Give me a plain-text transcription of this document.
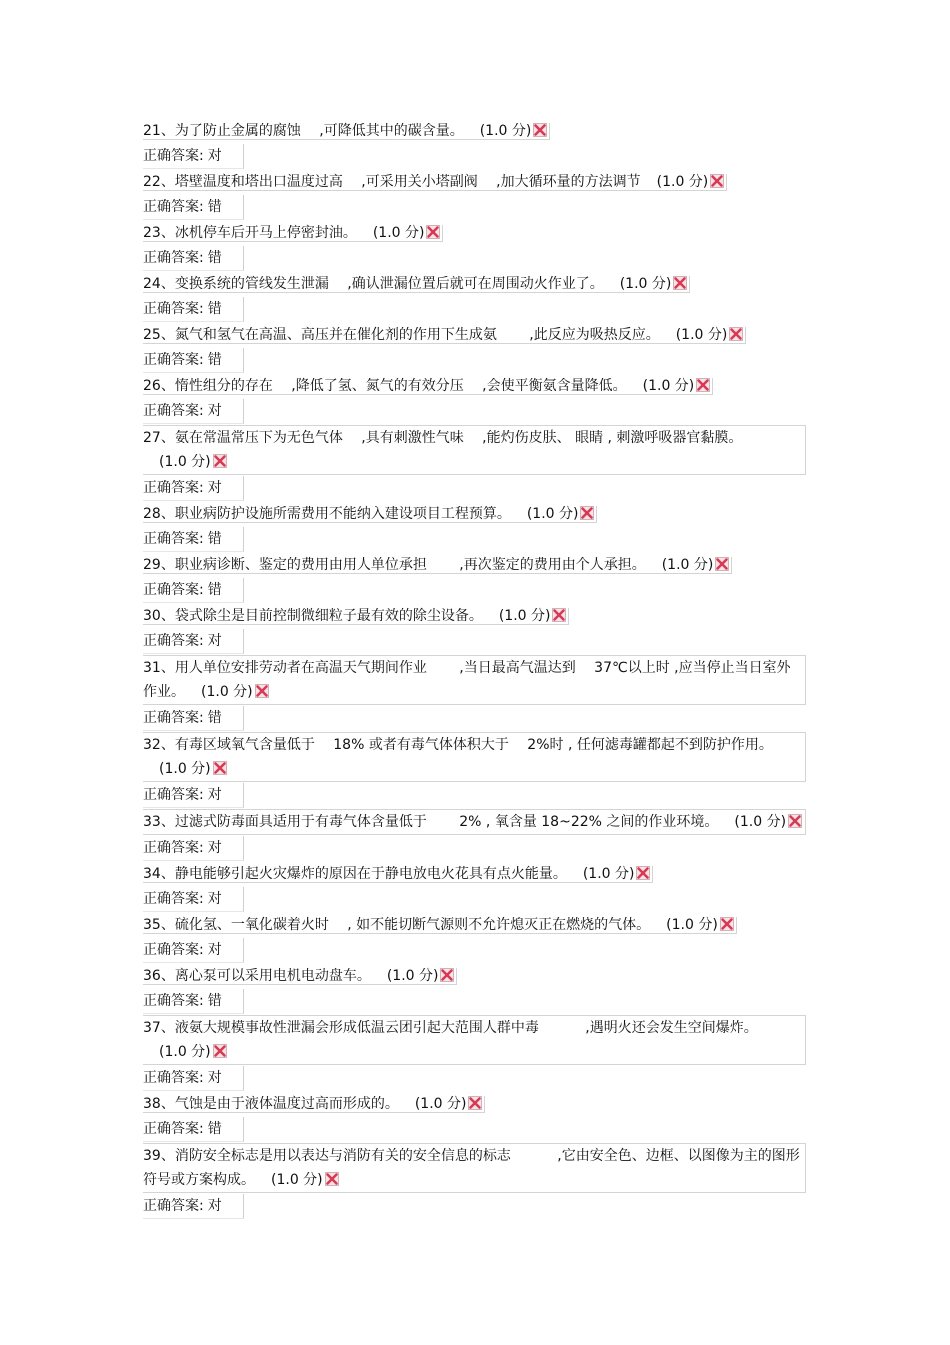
21、为了防止金属的腐蚀　 ,可降低其中的碳含量。 (1.0 分)
正确答案: 对
22、塔壁温度和塔出口温度过高　 ,可采用关小塔副阀　 ,加大循环量的方法调节 (1.0 分)
正确答案: 错
23、冰机停车后开马上停密封油。 (1.0 分)
正确答案: 错
24、变换系统的管线发生泄漏　 ,确认泄漏位置后就可在周围动火作业了。 (1.0 分)
正确答案: 错
25、氮气和氢气在高温、高压并在催化剂的作用下生成氨　　 ,此反应为吸热反应。 (1.0 分)
正确答案: 错
26、惰性组分的存在　 ,降低了氢、氮气的有效分压　 ,会使平衡氨含量降低。 (1.0 分)
正确答案: 对
27、氨在常温常压下为无色气体　 ,具有刺激性气味　 ,能灼伤皮肤、 眼睛 , 刺激呼吸器官黏膜。(1.0 分)
正确答案: 对
28、职业病防护设施所需费用不能纳入建设项目工程预算。 (1.0 分)
正确答案: 错
29、职业病诊断、鉴定的费用由用人单位承担　　 ,再次鉴定的费用由个人承担。 (1.0 分)
正确答案: 错
30、袋式除尘是目前控制微细粒子最有效的除尘设备。 (1.0 分)
正确答案: 对
31、用人单位安排劳动者在高温天气期间作业　　 ,当日最高气温达到　 37℃以上时 ,应当停止当日室外作业。 (1.0 分)
正确答案: 错
32、有毒区域氧气含量低于　 18% 或者有毒气体体积大于　 2%时 , 任何滤毒罐都起不到防护作用。(1.0 分)
正确答案: 对
33、过滤式防毒面具适用于有毒气体含量低于　　 2% , 氧含量 18~22% 之间的作业环境。 (1.0 分)
正确答案: 对
34、静电能够引起火灾爆炸的原因在于静电放电火花具有点火能量。 (1.0 分)
正确答案: 对
35、硫化氢、一氧化碳着火时　 , 如不能切断气源则不允许熄灭正在燃烧的气体。 (1.0 分)
正确答案: 对
36、离心泵可以采用电机电动盘车。 (1.0 分)
正确答案: 错
37、液氨大规模事故性泄漏会形成低温云团引起大范围人群中毒　　　 ,遇明火还会发生空间爆炸。(1.0 分)
正确答案: 对
38、气蚀是由于液体温度过高而形成的。 (1.0 分)
正确答案: 错
39、消防安全标志是用以表达与消防有关的安全信息的标志　　　 ,它由安全色、边框、以图像为主的图形符号或方案构成。 (1.0 分)
正确答案: 对
